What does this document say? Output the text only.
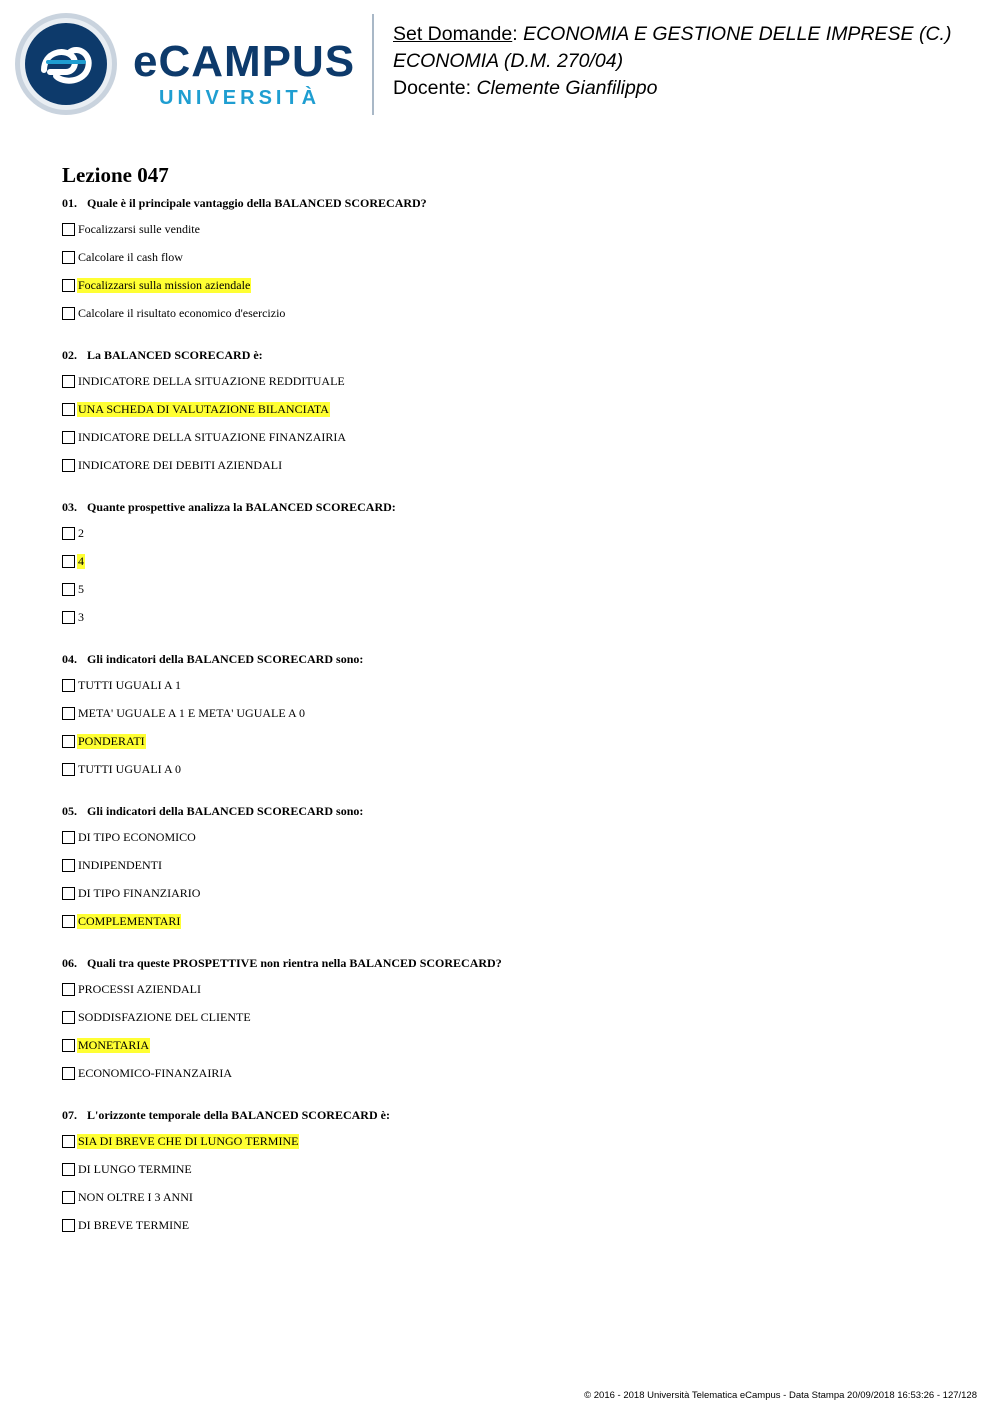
eCAMPUS
UNIVERSITÀ
Set Domande: ECONOMIA E GESTIONE DELLE IMPRESE (C.)
ECONOMIA (D.M. 270/04)
Docente: Clemente Gianfilippo
Lezione 047
01. Quale è il principale vantaggio della BALANCED SCORECARD?
Focalizzarsi sulle vendite
Calcolare il cash flow
Focalizzarsi sulla mission aziendale
Calcolare il risultato economico d'esercizio
02. La BALANCED SCORECARD è:
INDICATORE DELLA SITUAZIONE REDDITUALE
UNA SCHEDA DI VALUTAZIONE BILANCIATA
INDICATORE DELLA SITUAZIONE FINANZAIRIA
INDICATORE DEI DEBITI AZIENDALI
03. Quante prospettive analizza la BALANCED SCORECARD:
2
4
5
3
04. Gli indicatori della BALANCED SCORECARD sono:
TUTTI UGUALI A 1
META' UGUALE A 1 E META' UGUALE A 0
PONDERATI
TUTTI UGUALI A 0
05. Gli indicatori della BALANCED SCORECARD sono:
DI TIPO ECONOMICO
INDIPENDENTI
DI TIPO FINANZIARIO
COMPLEMENTARI
06. Quali tra queste PROSPETTIVE non rientra nella BALANCED SCORECARD?
PROCESSI AZIENDALI
SODDISFAZIONE DEL CLIENTE
MONETARIA
ECONOMICO-FINANZAIRIA
07. L'orizzonte temporale della BALANCED SCORECARD è:
SIA DI BREVE CHE DI LUNGO TERMINE
DI LUNGO TERMINE
NON OLTRE I 3 ANNI
DI BREVE TERMINE
© 2016 - 2018 Università Telematica eCampus - Data Stampa 20/09/2018 16:53:26 - 127/128
